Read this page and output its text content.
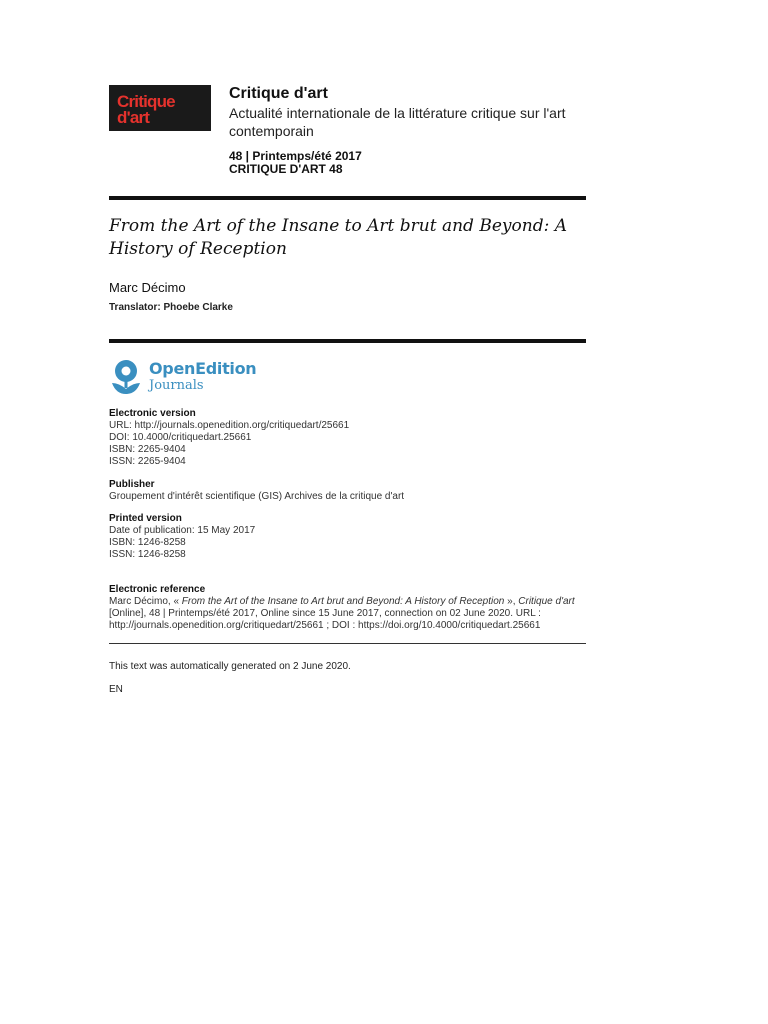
Critique
d'art
Critique d'art
Actualité internationale de la littérature critique sur l'art contemporain
48 | Printemps/été 2017
CRITIQUE D'ART 48
From the Art of the Insane to Art brut and Beyond: A History of Reception
Marc Décimo
Translator: Phoebe Clarke
OpenEdition
Journals
Electronic version
URL: http://journals.openedition.org/critiquedart/25661
DOI: 10.4000/critiquedart.25661
ISBN: 2265-9404
ISSN: 2265-9404
Publisher
Groupement d'intérêt scientifique (GIS) Archives de la critique d'art
Printed version
Date of publication: 15 May 2017
ISBN: 1246-8258
ISSN: 1246-8258
Electronic reference
Marc Décimo, « From the Art of the Insane to Art brut and Beyond: A History of Reception », Critique d'art [Online], 48 | Printemps/été 2017, Online since 15 June 2017, connection on 02 June 2020. URL : http://journals.openedition.org/critiquedart/25661 ; DOI : https://doi.org/10.4000/critiquedart.25661
This text was automatically generated on 2 June 2020.
EN
